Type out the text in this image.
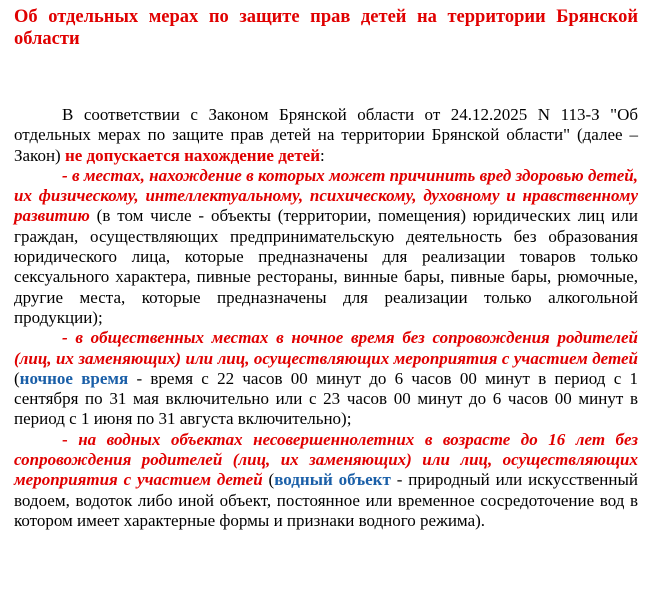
Об отдельных мерах по защите прав детей на территории Брянской области

В соответствии с Законом Брянской области от 24.12.2025 N 113-З "Об отдельных мерах по защите прав детей на территории Брянской области" (далее – Закон) не допускается нахождение детей:

- в местах, нахождение в которых может причинить вред здоровью детей, их физическому, интеллектуальному, психическому, духовному и нравственному развитию (в том числе - объекты (территории, помещения) юридических лиц или граждан, осуществляющих предпринимательскую деятельность без образования юридического лица, которые предназначены для реализации товаров только сексуального характера, пивные рестораны, винные бары, пивные бары, рюмочные, другие места, которые предназначены для реализации только алкогольной продукции);

- в общественных местах в ночное время без сопровождения родителей (лиц, их заменяющих) или лиц, осуществляющих мероприятия с участием детей (ночное время - время с 22 часов 00 минут до 6 часов 00 минут в период с 1 сентября по 31 мая включительно или с 23 часов 00 минут до 6 часов 00 минут в период с 1 июня по 31 августа включительно);

- на водных объектах несовершеннолетних в возрасте до 16 лет без сопровождения родителей (лиц, их заменяющих) или лиц, осуществляющих мероприятия с участием детей (водный объект - природный или искусственный водоем, водоток либо иной объект, постоянное или временное сосредоточение вод в котором имеет характерные формы и признаки водного режима).
